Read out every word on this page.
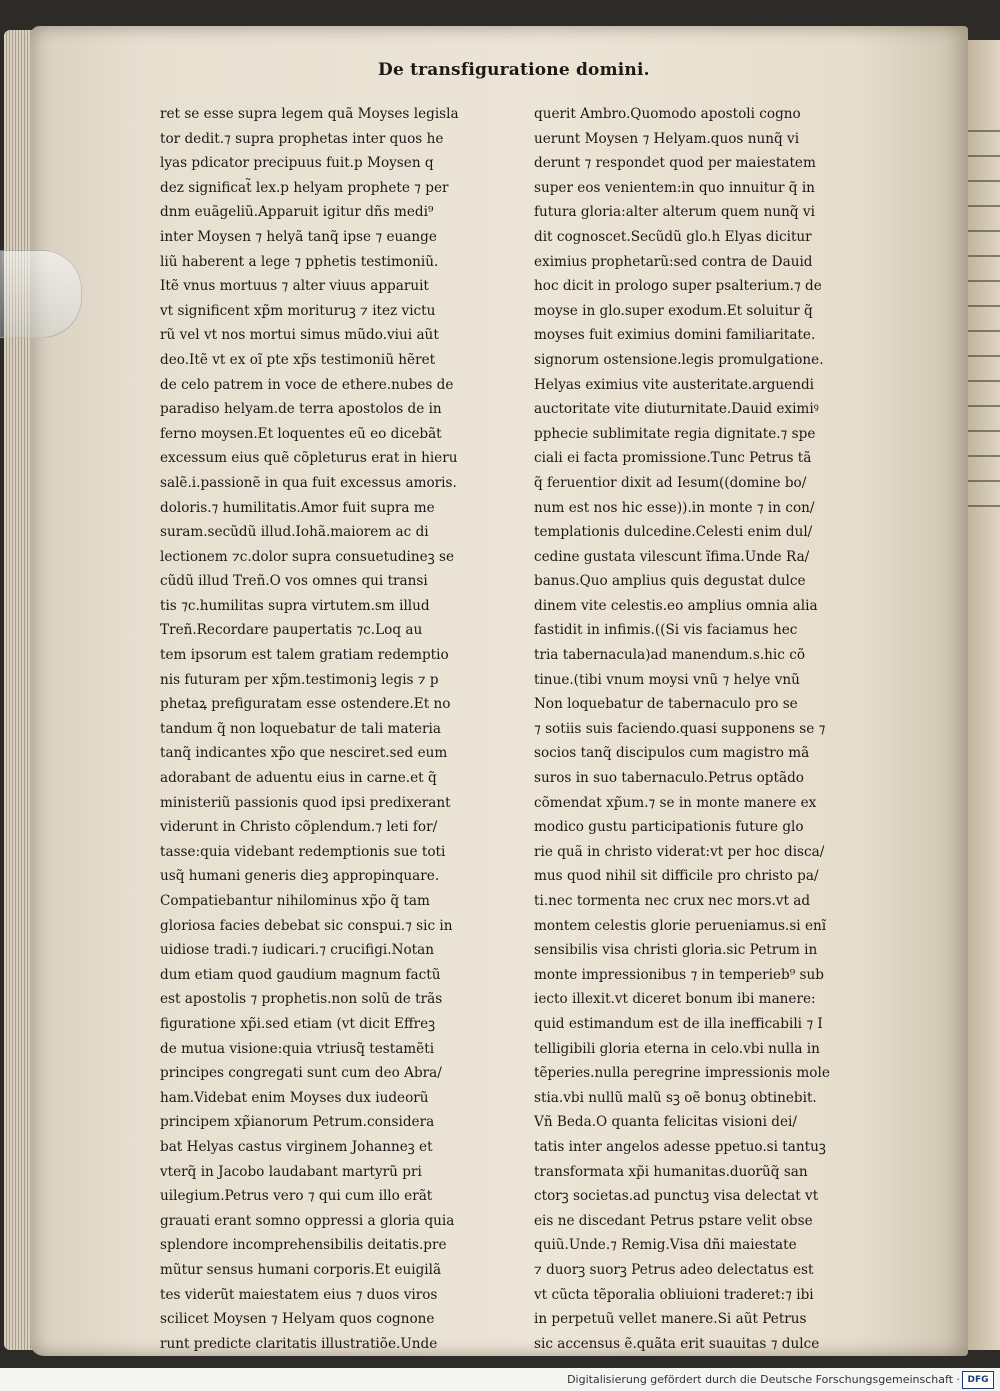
De transfiguratione domini.
ret se esse supra legem quã Moyses legisla
tor dedit.⁊ supra prophetas inter quos he
lyas pdicator precipuus fuit.p Moysen q
dez significat̃ lex.p helyam prophete ⁊ per
dnm euãgeliũ.Apparuit igitur dñs medi⁹
inter Moysen ⁊ helyã tanq̃ ipse ⁊ euange
liũ haberent a lege ⁊ pphetis testimoniũ.
Itẽ vnus mortuus ⁊ alter viuus apparuit
vt significent xp̃m morituruꝫ ⁊ itez victu
rũ vel vt nos mortui simus mũdo.viui aũt
deo.Itẽ vt ex oĩ pte xp̃s testimoniũ hẽret
de celo patrem in voce de ethere.nubes de
paradiso helyam.de terra apostolos de in
ferno moysen.Et loquentes eũ eo dicebãt
excessum eius quẽ cõpleturus erat in hieru
salẽ.i.passionẽ in qua fuit excessus amoris.
doloris.⁊ humilitatis.Amor fuit supra me
suram.secũdũ illud.Iohã.maiorem ac di
lectionem ⁊c.dolor supra consuetudineꝫ se
cũdũ illud Treñ.O vos omnes qui transi
tis ⁊c.humilitas supra virtutem.sm illud
Treñ.Recordare paupertatis ⁊c.Loq au
tem ipsorum est talem gratiam redemptio
nis futuram per xp̃m.testimoniꝫ legis ⁊ p
phetaꝝ prefiguratam esse ostendere.Et no
tandum q̃ non loquebatur de tali materia
tanq̃ indicantes xp̃o que nesciret.sed eum
adorabant de aduentu eius in carne.et q̃
ministeriũ passionis quod ipsi predixerant
viderunt in Christo cõplendum.⁊ leti for/
tasse:quia videbant redemptionis sue toti
usq̃ humani generis dieꝫ appropinquare.
Compatiebantur nihilominus xp̃o q̃ tam
gloriosa facies debebat sic conspui.⁊ sic in
uidiose tradi.⁊ iudicari.⁊ crucifigi.Notan
dum etiam quod gaudium magnum factũ
est apostolis ⁊ prophetis.non solũ de trãs
figuratione xp̃i.sed etiam (vt dicit Effreꝫ
de mutua visione:quia vtriusq̃ testamẽti
principes congregati sunt cum deo Abra/
ham.Videbat enim Moyses dux iudeorũ
principem xp̃ianorum Petrum.considera
bat Helyas castus virginem Johanneꝫ et
vterq̃ in Jacobo laudabant martyrũ pri
uilegium.Petrus vero ⁊ qui cum illo erãt
grauati erant somno oppressi a gloria quia
splendore incomprehensibilis deitatis.pre
mũtur sensus humani corporis.Et euigilã
tes viderũt maiestatem eius ⁊ duos viros
scilicet Moysen ⁊ Helyam quos cognone
runt predicte claritatis illustratiõe.Unde
querit Ambro.Quomodo apostoli cogno
uerunt Moysen ⁊ Helyam.quos nunq̃ vi
derunt ⁊ respondet quod per maiestatem
super eos venientem:in quo innuitur q̃ in
futura gloria:alter alterum quem nunq̃ vi
dit cognoscet.Secũdũ glo.h Elyas dicitur
eximius prophetarũ:sed contra de Dauid
hoc dicit in prologo super psalterium.⁊ de
moyse in glo.super exodum.Et soluitur q̃
moyses fuit eximius domini familiaritate.
signorum ostensione.legis promulgatione.
Helyas eximius vite austeritate.arguendi
auctoritate vite diuturnitate.Dauid eximiꝰ
pphecie sublimitate regia dignitate.⁊ spe
ciali ei facta promissione.Tunc Petrus tã
q̃ feruentior dixit ad Iesum((domine bo/
num est nos hic esse)).in monte ⁊ in con/
templationis dulcedine.Celesti enim dul/
cedine gustata vilescunt ĩfima.Unde Ra/
banus.Quo amplius quis degustat dulce
dinem vite celestis.eo amplius omnia alia
fastidit in infimis.((Si vis faciamus hec
tria tabernacula)ad manendum.s.hic cõ
tinue.(tibi vnum moysi vnũ ⁊ helye vnũ
Non loquebatur de tabernaculo pro se
⁊ sotiis suis faciendo.quasi supponens se ⁊
socios tanq̃ discipulos cum magistro mã
suros in suo tabernaculo.Petrus optãdo
cõmendat xp̃um.⁊ se in monte manere ex
modico gustu participationis future glo
rie quã in christo viderat:vt per hoc disca/
mus quod nihil sit difficile pro christo pa/
ti.nec tormenta nec crux nec mors.vt ad
montem celestis glorie perueniamus.si enĩ
sensibilis visa christi gloria.sic Petrum in
monte impressionibus ⁊ in temperieb⁹ sub
iecto illexit.vt diceret bonum ibi manere:
quid estimandum est de illa inefficabili ⁊ I
telligibili gloria eterna in celo.vbi nulla in
tẽperies.nulla peregrine impressionis mole
stia.vbi nullũ malũ sꝫ oẽ bonuꝫ obtinebit.
Vñ Beda.O quanta felicitas visioni dei/
tatis inter angelos adesse ppetuo.si tantuꝫ
transformata xp̃i humanitas.duorũq̃ san
ctorꝫ societas.ad punctuꝫ visa delectat vt
eis ne discedant Petrus pstare velit obse
quiũ.Unde.⁊ Remig.Visa dñi maiestate
⁊ duorꝫ suorꝫ Petrus adeo delectatus est
vt cũcta tẽporalia obliuioni traderet:⁊ ibi
in perpetuũ vellet manere.Si aũt Petrus
sic accensus ẽ.quãta erit suauitas ⁊ dulce
Digitalisierung gefördert durch die Deutsche Forschungsgemeinschaft · DFG
